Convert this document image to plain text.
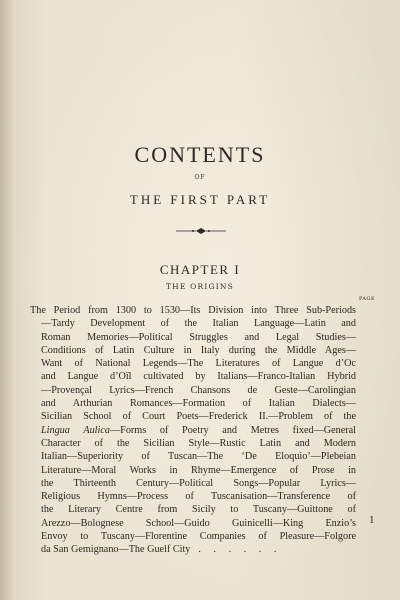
CONTENTS
OF
THE FIRST PART
CHAPTER I
THE ORIGINS
PAGE
The Period from 1300 to 1530—Its Division into Three Sub-Periods
—Tardy Development of the Italian Language—Latin and
Roman Memories—Political Struggles and Legal Studies—
Conditions of Latin Culture in Italy during the Middle Ages—
Want of National Legends—The Literatures of Langue d’Oc
and Langue d’Oïl cultivated by Italians—Franco-Italian Hybrid
—Provençal Lyrics—French Chansons de Geste—Carolingian
and Arthurian Romances—Formation of Italian Dialects—
Sicilian School of Court Poets—Frederick II.—Problem of the
Lingua Aulica—Forms of Poetry and Metres fixed—General
Character of the Sicilian Style—Rustic Latin and Modern
Italian—Superiority of Tuscan—The ‘De Eloquio’—Plebeian
Literature—Moral Works in Rhyme—Emergence of Prose in
the Thirteenth Century—Political Songs—Popular Lyrics—
Religious Hymns—Process of Tuscanisation—Transference of
the Literary Centre from Sicily to Tuscany—Guittone of
Arezzo—Bolognese School—Guido Guinicelli—King Enzio’s
Envoy to Tuscany—Florentine Companies of Pleasure—Folgore
da San Gemignano—The Guelf City . . . . . .
1
